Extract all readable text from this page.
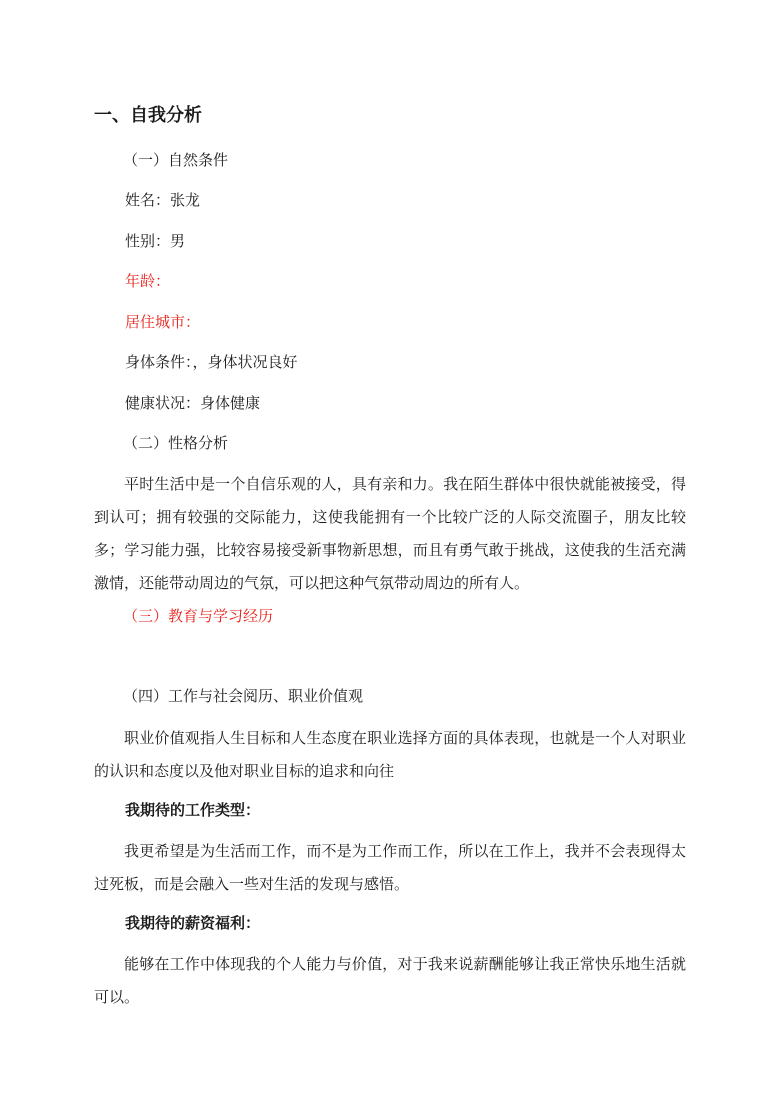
一、自我分析
（一）自然条件
姓名：张龙
性别：男
年龄：
居住城市：
身体条件：，身体状况良好
健康状况：身体健康
（二）性格分析
平时生活中是一个自信乐观的人，具有亲和力。我在陌生群体中很快就能被接受，得到认可；拥有较强的交际能力，这使我能拥有一个比较广泛的人际交流圈子，朋友比较多；学习能力强，比较容易接受新事物新思想，而且有勇气敢于挑战，这使我的生活充满激情，还能带动周边的气氛，可以把这种气氛带动周边的所有人。
（三）教育与学习经历
（四）工作与社会阅历、职业价值观
职业价值观指人生目标和人生态度在职业选择方面的具体表现，也就是一个人对职业的认识和态度以及他对职业目标的追求和向往
我期待的工作类型：
我更希望是为生活而工作，而不是为工作而工作，所以在工作上，我并不会表现得太过死板，而是会融入一些对生活的发现与感悟。
我期待的薪资福利：
能够在工作中体现我的个人能力与价值，对于我来说薪酬能够让我正常快乐地生活就可以。
